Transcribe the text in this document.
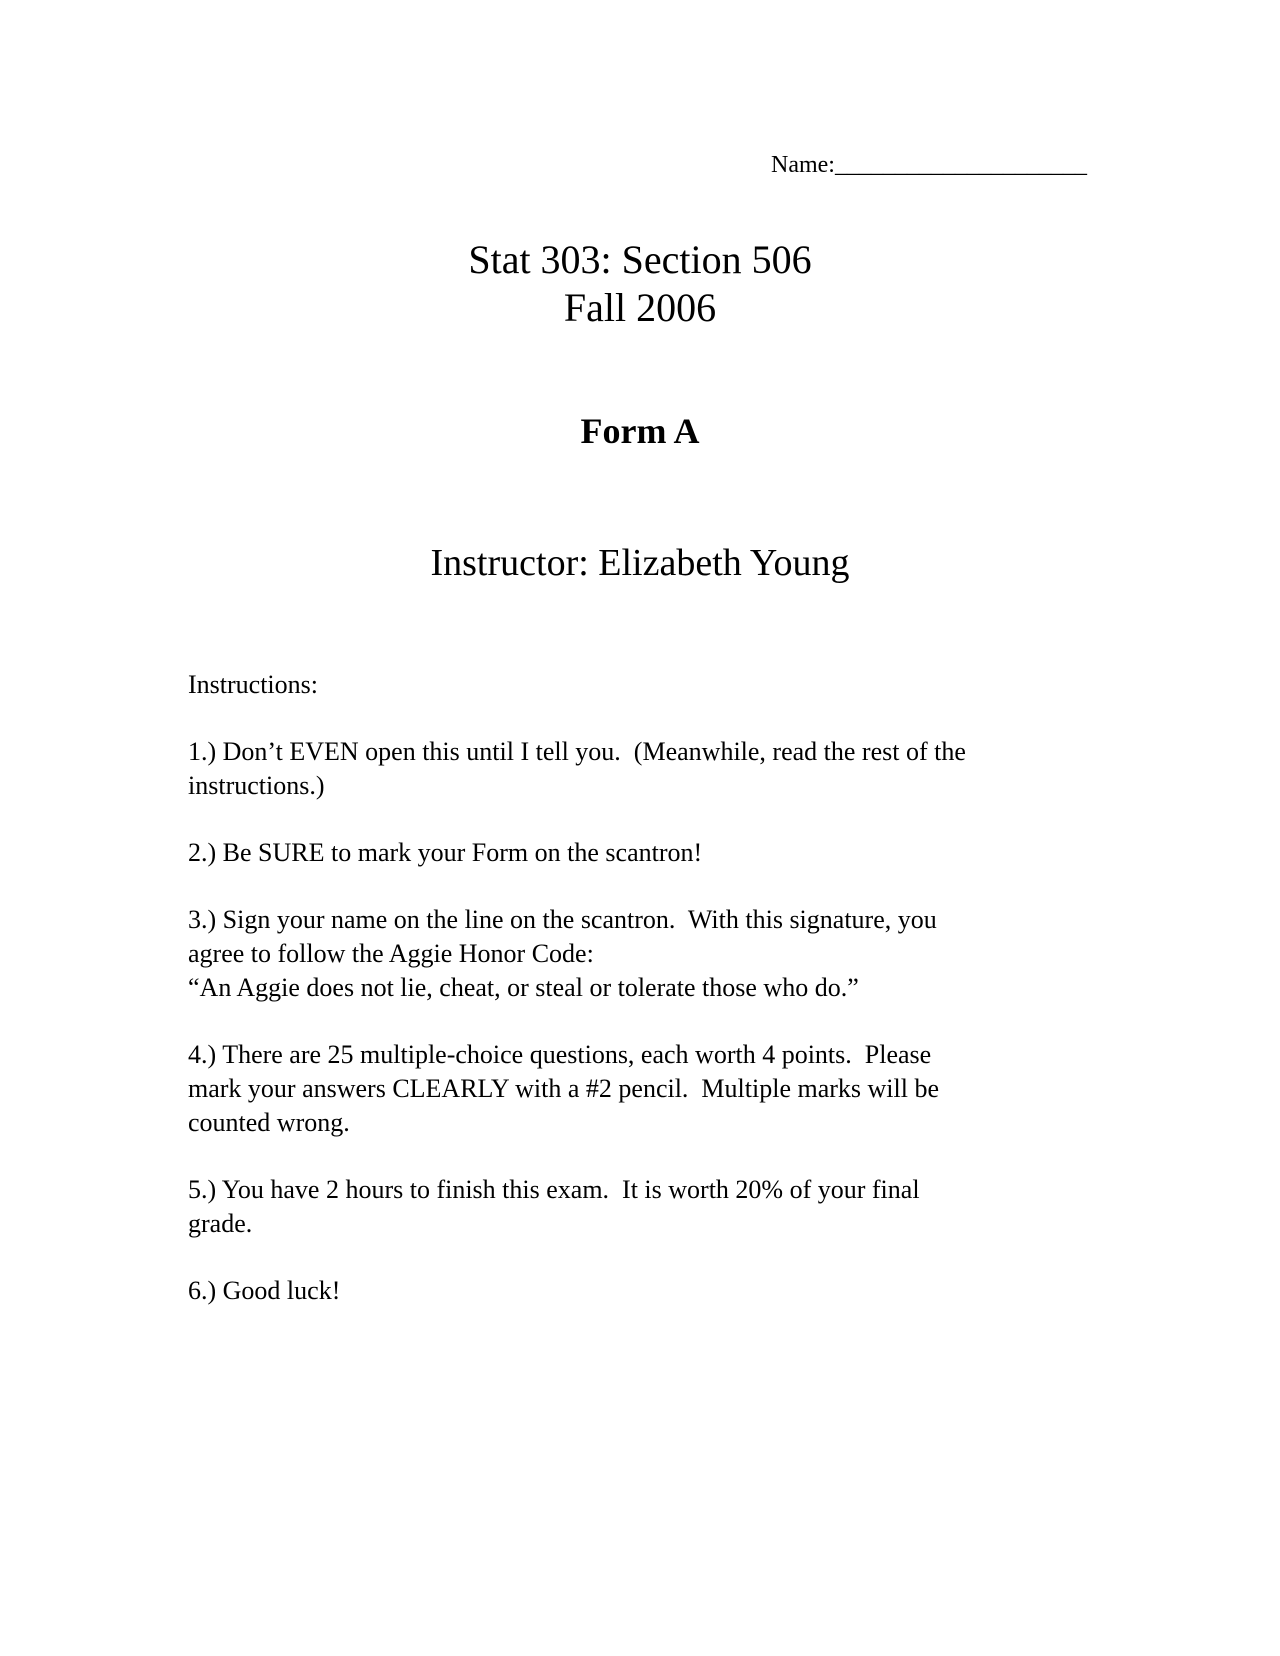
Name:_____________________
Stat 303: Section 506
Fall 2006
Form A
Instructor: Elizabeth Young

Instructions:

1.) Don’t EVEN open this until I tell you.  (Meanwhile, read the rest of the
instructions.)

2.) Be SURE to mark your Form on the scantron!

3.) Sign your name on the line on the scantron.  With this signature, you
agree to follow the Aggie Honor Code:
“An Aggie does not lie, cheat, or steal or tolerate those who do.”

4.) There are 25 multiple-choice questions, each worth 4 points.  Please
mark your answers CLEARLY with a #2 pencil.  Multiple marks will be
counted wrong.

5.) You have 2 hours to finish this exam.  It is worth 20% of your final
grade.

6.) Good luck!
